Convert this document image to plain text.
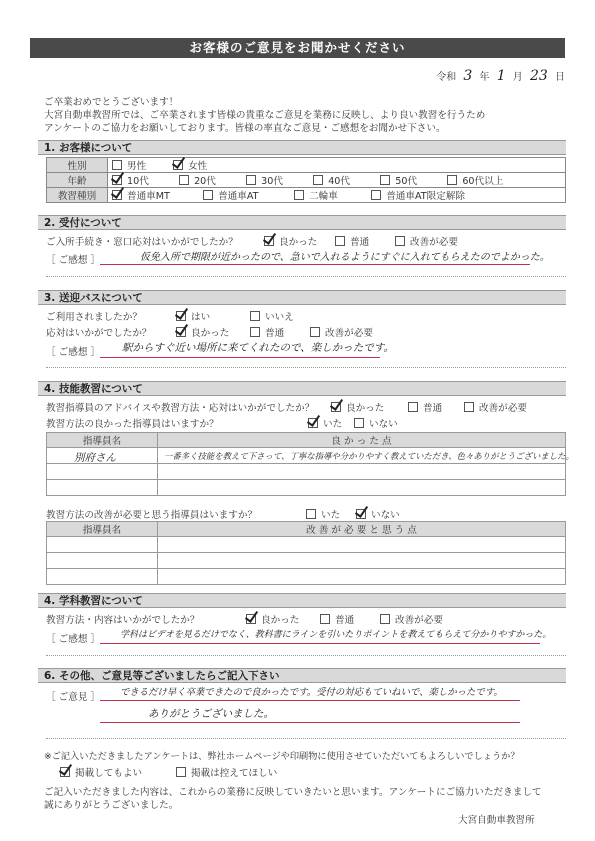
お客様のご意見をお聞かせください
令和 3 年 1 月 23 日
ご卒業おめでとうございます！
大宮自動車教習所では、ご卒業されます皆様の貴重なご意見を業務に反映し、より良い教習を行うため
アンケートのご協力をお願いしております。皆様の率直なご意見・ご感想をお聞かせ下さい。
1. お客様について
性別	男性 女性
年齢	10代 20代 30代 40代 50代 60代以上
教習種別	普通車MT 普通車AT 二輪車 普通車AT限定解除
2. 受付について
ご入所手続き・窓口応対はいかがでしたか？	良かった	普通	改善が必要
［ ご感想 ］	仮免入所で期限が近かったので、急いで入れるようにすぐに入れてもらえたのでよかった。
3. 送迎バスについて
ご利用されましたか？	はい	いいえ
応対はいかがでしたか？	良かった	普通	改善が必要
［ ご感想 ］ 駅からすぐ近い場所に来てくれたので、楽しかったです。
4. 技能教習について
教習指導員のアドバイスや教習方法・応対はいかがでしたか？	良かった	普通	改善が必要
教習方法の良かった指導員はいますか？	いた	いない
指導員名	良 か っ た 点

別府さん	一番多く技能を教えて下さって、丁寧な指導や分かりやすく教えていただき、色々ありがとうございました。
教習方法の改善が必要と思う指導員はいますか？	いた	いない
指導員名	改 善 が 必 要 と 思 う 点

4. 学科教習について
教習方法・内容はいかがでしたか？	良かった	普通	改善が必要
［ ご感想 ］ 学科はビデオを見るだけでなく、教科書にラインを引いたりポイントを教えてもらえて分かりやすかった。
6. その他、ご意見等ございましたらご記入下さい
［ ご意見 ］ できるだけ早く卒業できたので良かったです。受付の対応もていねいで、楽しかったです。
ありがとうございました。
※ご記入いただきましたアンケートは、弊社ホームページや印刷物に使用させていただいてもよろしいでしょうか？
掲載してもよい	掲載は控えてほしい
ご記入いただきました内容は、これからの業務に反映していきたいと思います。アンケートにご協力いただきまして
誠にありがとうございました。
大宮自動車教習所
